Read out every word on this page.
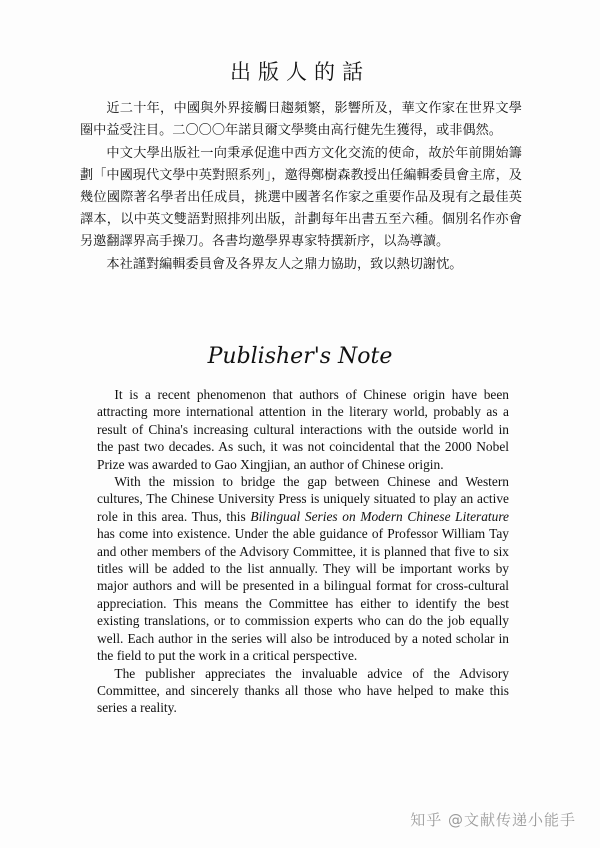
出版人的話

近二十年，中國與外界接觸日趨頻繁，影響所及，華文作家在世界文學圈中益受注目。二〇〇〇年諾貝爾文學獎由高行健先生獲得，或非偶然。

中文大學出版社一向秉承促進中西方文化交流的使命，故於年前開始籌劃「中國現代文學中英對照系列」，邀得鄭樹森教授出任編輯委員會主席，及幾位國際著名學者出任成員，挑選中國著名作家之重要作品及現有之最佳英譯本，以中英文雙語對照排列出版，計劃每年出書五至六種。個別名作亦會另邀翻譯界高手操刀。各書均邀學界專家特撰新序，以為導讀。

本社謹對編輯委員會及各界友人之鼎力協助，致以熱切謝忱。

Publisher's Note

It is a recent phenomenon that authors of Chinese origin have been attracting more international attention in the literary world, probably as a result of China's increasing cultural interactions with the outside world in the past two decades. As such, it was not coincidental that the 2000 Nobel Prize was awarded to Gao Xingjian, an author of Chinese origin.

With the mission to bridge the gap between Chinese and Western cultures, The Chinese University Press is uniquely situated to play an active role in this area. Thus, this Bilingual Series on Modern Chinese Literature has come into existence. Under the able guidance of Professor William Tay and other members of the Advisory Committee, it is planned that five to six titles will be added to the list annually. They will be important works by major authors and will be presented in a bilingual format for cross-cultural appreciation. This means the Committee has either to identify the best existing translations, or to commission experts who can do the job equally well. Each author in the series will also be introduced by a noted scholar in the field to put the work in a critical perspective.

The publisher appreciates the invaluable advice of the Advisory Committee, and sincerely thanks all those who have helped to make this series a reality.

知乎 @文献传递小能手
